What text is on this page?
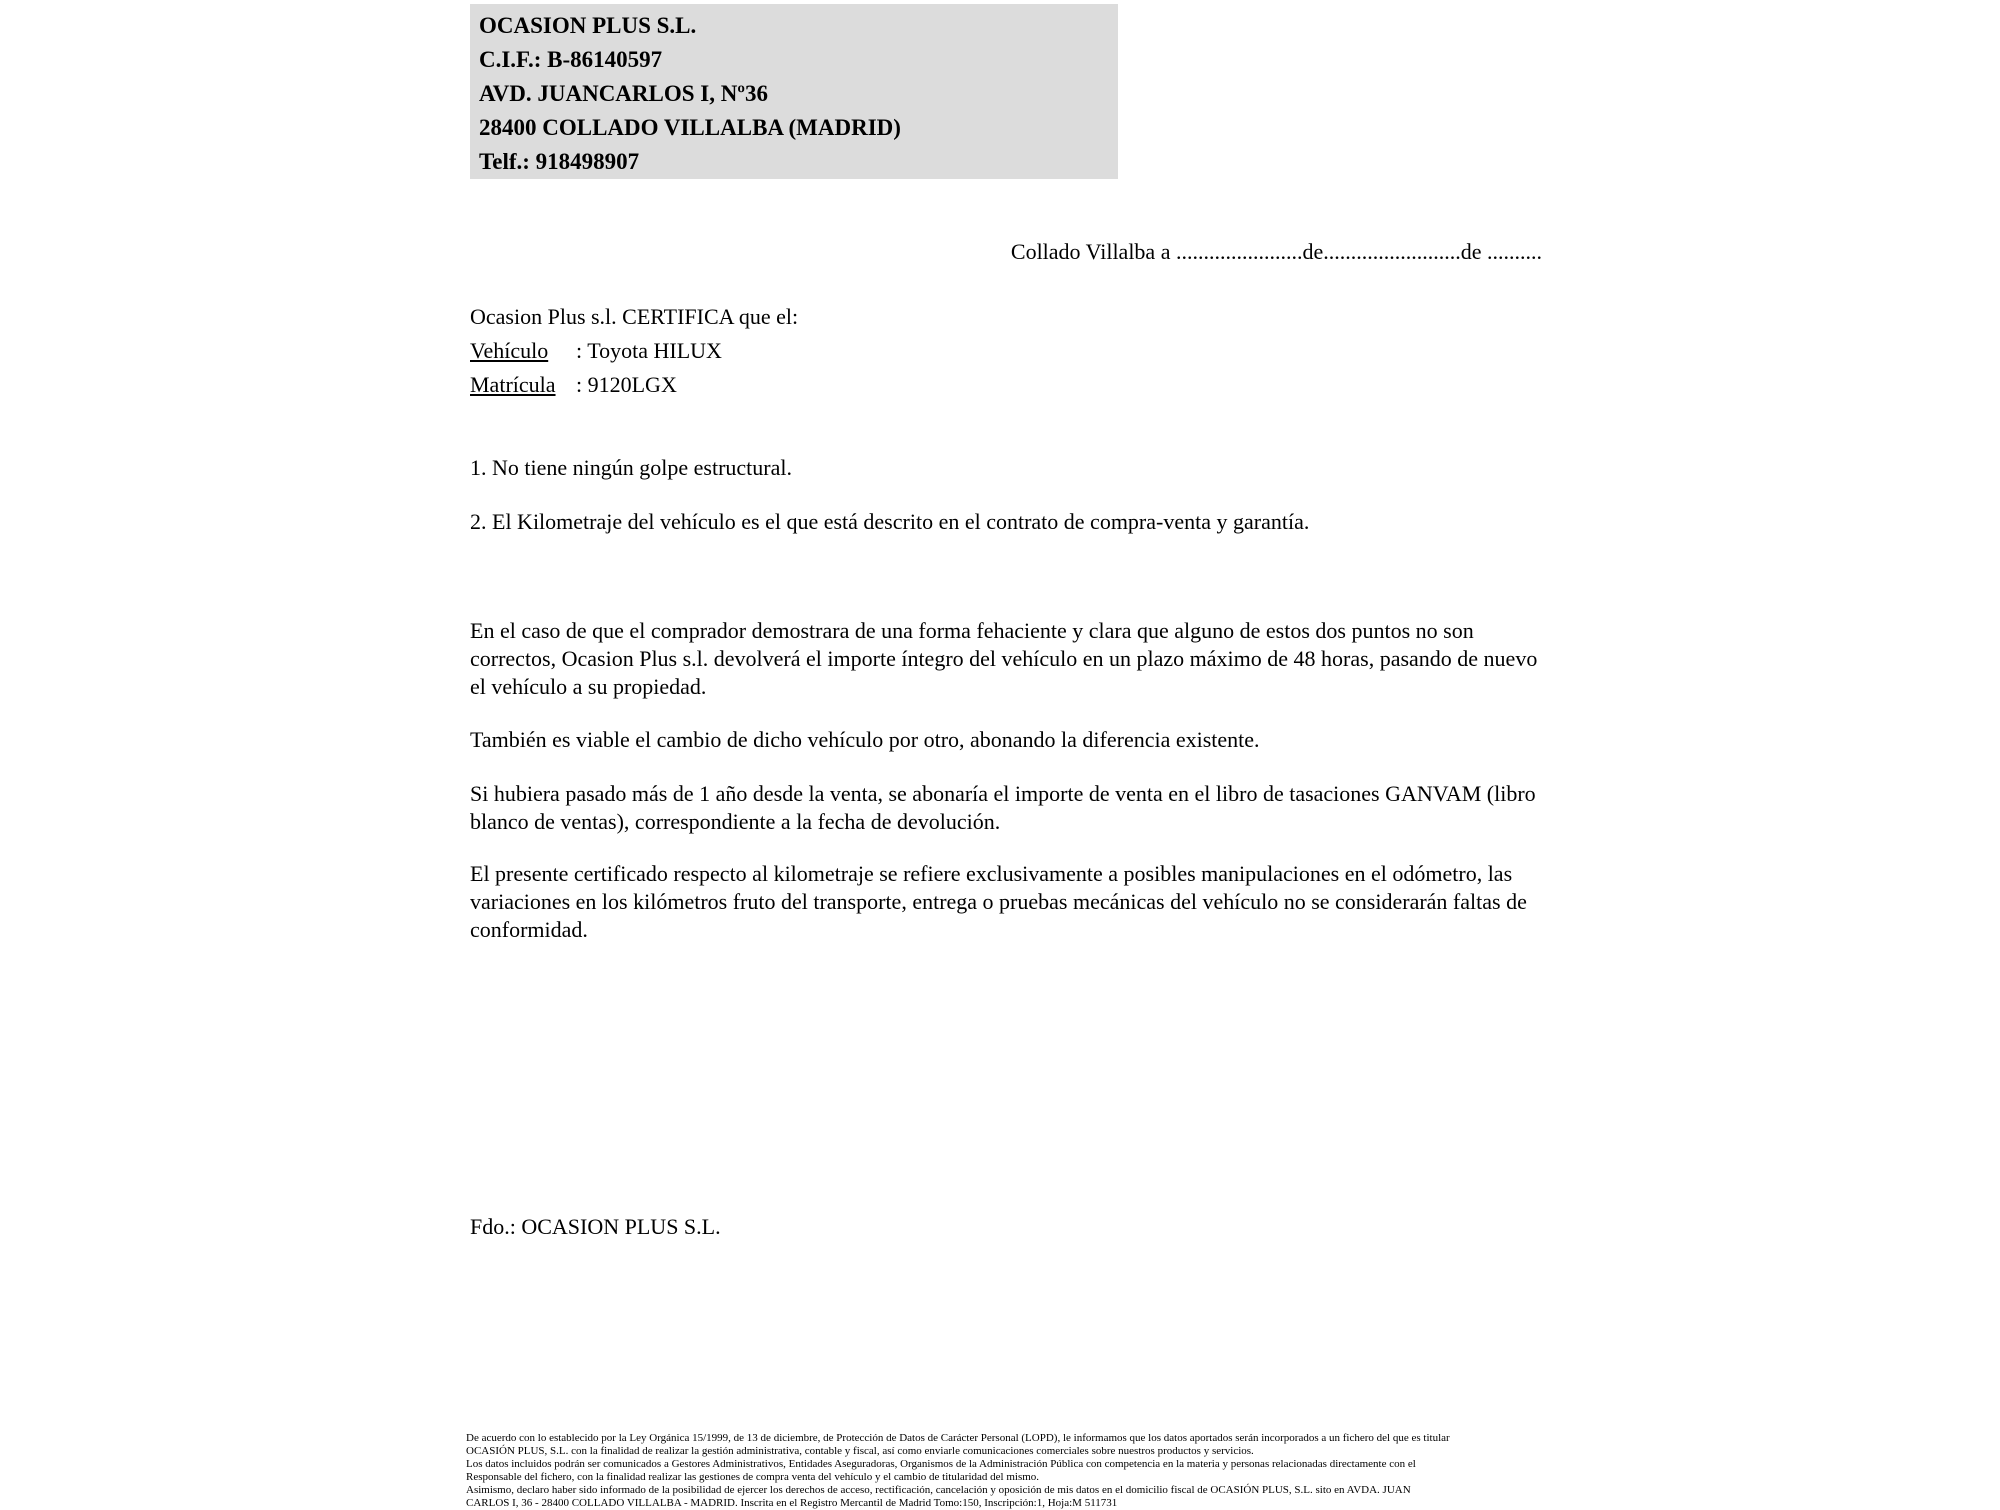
OCASION PLUS S.L.
C.I.F.: B-86140597
AVD. JUANCARLOS I, Nº36
28400 COLLADO VILLALBA (MADRID)
Telf.: 918498907
Collado Villalba a .......................de.........................de ..........
Ocasion Plus s.l. CERTIFICA que el:
Vehículo : Toyota HILUX
Matrícula : 9120LGX
1. No tiene ningún golpe estructural.
2. El Kilometraje del vehículo es el que está descrito en el contrato de compra-venta y garantía.
En el caso de que el comprador demostrara de una forma fehaciente y clara que alguno de estos dos puntos no son correctos, Ocasion Plus s.l. devolverá el importe íntegro del vehículo en un plazo máximo de 48 horas, pasando de nuevo el vehículo a su propiedad.
También es viable el cambio de dicho vehículo por otro, abonando la diferencia existente.
Si hubiera pasado más de 1 año desde la venta, se abonaría el importe de venta en el libro de tasaciones GANVAM (libro blanco de ventas), correspondiente a la fecha de devolución.
El presente certificado respecto al kilometraje se refiere exclusivamente a posibles manipulaciones en el odómetro, las variaciones en los kilómetros fruto del transporte, entrega o pruebas mecánicas del vehículo no se considerarán faltas de conformidad.
Fdo.: OCASION PLUS S.L.
De acuerdo con lo establecido por la Ley Orgánica 15/1999, de 13 de diciembre, de Protección de Datos de Carácter Personal (LOPD), le informamos que los datos aportados serán incorporados a un fichero del que es titular
OCASIÓN PLUS, S.L. con la finalidad de realizar la gestión administrativa, contable y fiscal, así como enviarle comunicaciones comerciales sobre nuestros productos y servicios.
Los datos incluidos podrán ser comunicados a Gestores Administrativos, Entidades Aseguradoras, Organismos de la Administración Pública con competencia en la materia y personas relacionadas directamente con el
Responsable del fichero, con la finalidad realizar las gestiones de compra venta del vehículo y el cambio de titularidad del mismo.
Asimismo, declaro haber sido informado de la posibilidad de ejercer los derechos de acceso, rectificación, cancelación y oposición de mis datos en el domicilio fiscal de OCASIÓN PLUS, S.L. sito en AVDA. JUAN
CARLOS I, 36 - 28400 COLLADO VILLALBA - MADRID. Inscrita en el Registro Mercantil de Madrid Tomo:150, Inscripción:1, Hoja:M 511731
